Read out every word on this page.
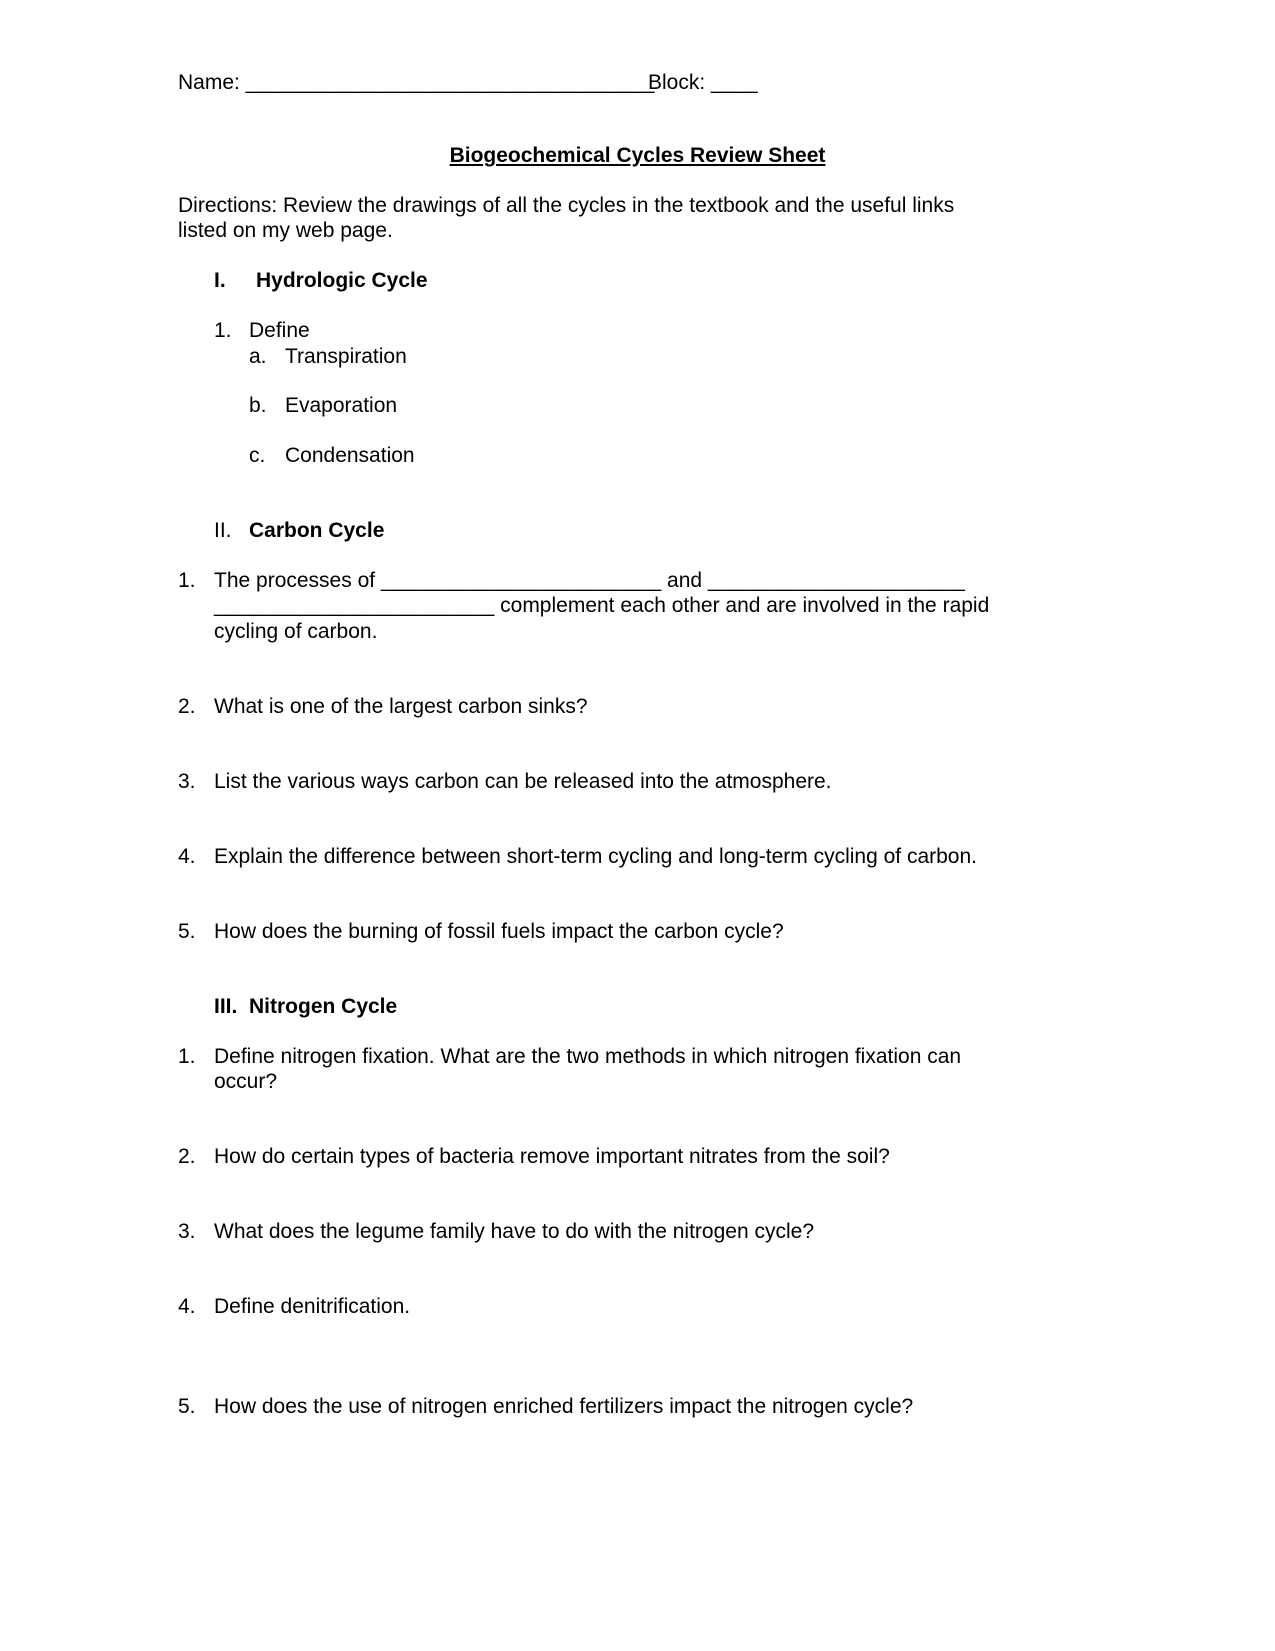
Name: ___________________________________
Block: ____
Biogeochemical Cycles Review Sheet
Directions: Review the drawings of all the cycles in the textbook and the useful links
listed on my web page.
I. Hydrologic Cycle
1. Define
a. Transpiration
b. Evaporation
c. Condensation
II. Carbon Cycle
1. The processes of ________________________ and ______________________
________________________ complement each other and are involved in the rapid
cycling of carbon.
2. What is one of the largest carbon sinks?
3. List the various ways carbon can be released into the atmosphere.
4. Explain the difference between short-term cycling and long-term cycling of carbon.
5. How does the burning of fossil fuels impact the carbon cycle?
III. Nitrogen Cycle
1. Define nitrogen fixation. What are the two methods in which nitrogen fixation can
occur?
2. How do certain types of bacteria remove important nitrates from the soil?
3. What does the legume family have to do with the nitrogen cycle?
4. Define denitrification.
5. How does the use of nitrogen enriched fertilizers impact the nitrogen cycle?
